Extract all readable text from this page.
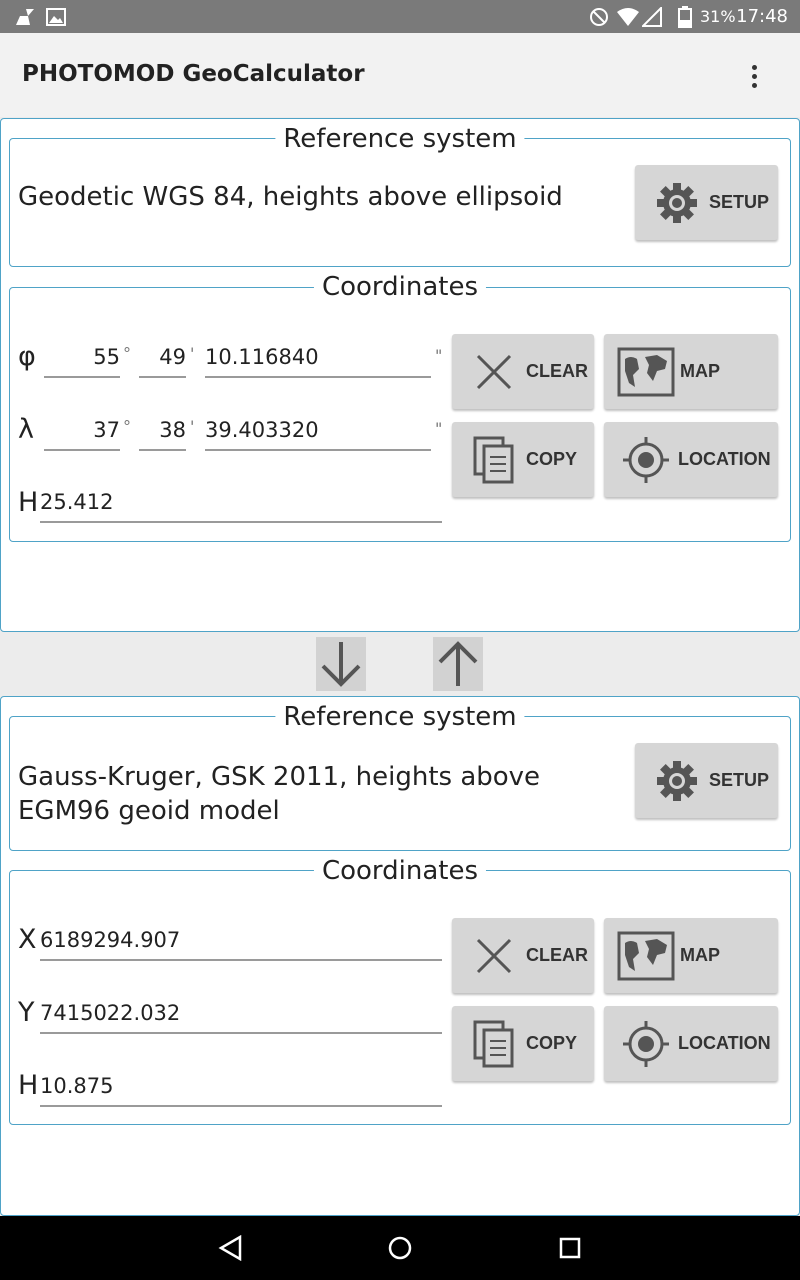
31% 17:48
PHOTOMOD GeoCalculator
Reference system
Geodetic WGS 84, heights above ellipsoid	SETUP
Coordinates
φ	55 °	49 ' 10.116840	"
λ	37 °	38 ' 39.403320	"
H 25.412
CLEAR	MAP
COPY	LOCATION
Reference system
Gauss-Kruger, GSK 2011, heights above EGM96 geoid model
SETUP
Coordinates
X 6189294.907
Y 7415022.032
H 10.875
CLEAR	MAP
COPY	LOCATION
